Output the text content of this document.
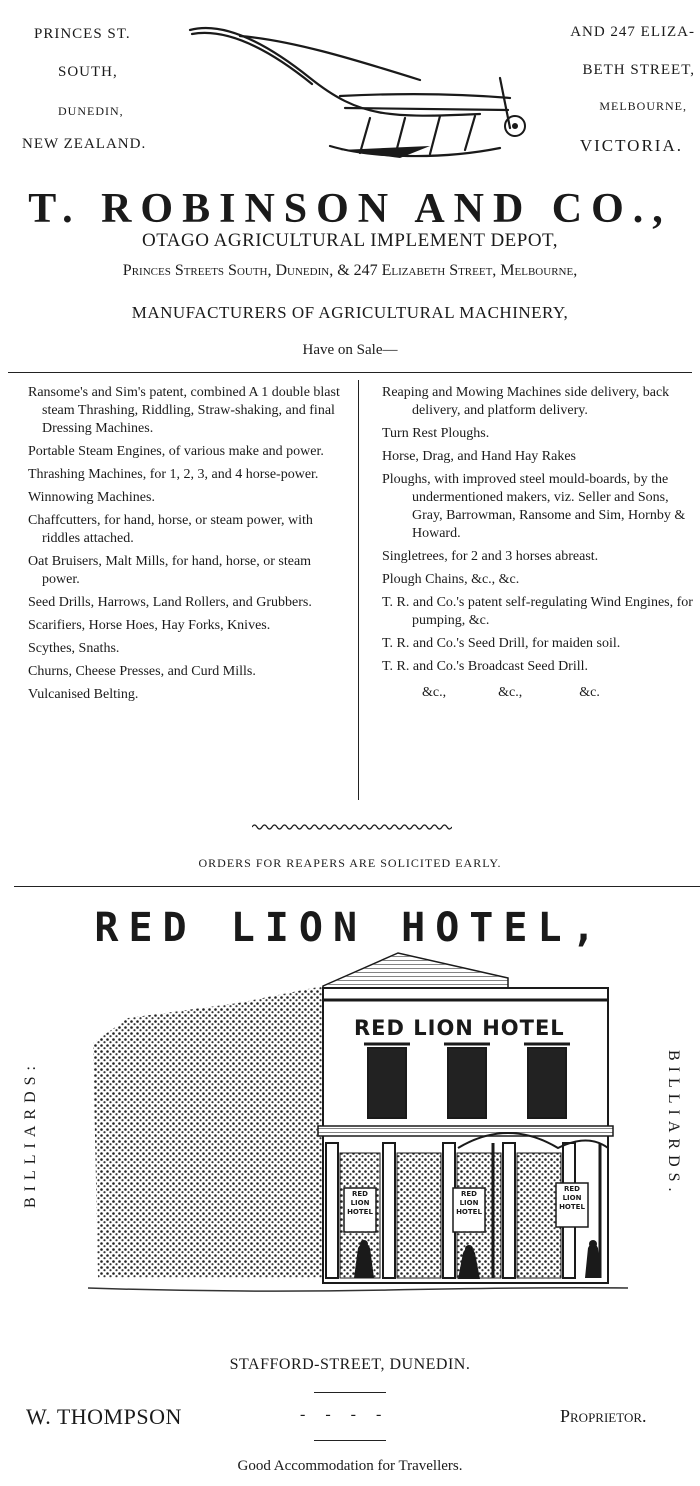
PRINCES ST.
SOUTH,
DUNEDIN,
NEW ZEALAND.
AND 247 ELIZA-
BETH STREET,
MELBOURNE,
VICTORIA.
T. ROBINSON AND CO.,
OTAGO AGRICULTURAL IMPLEMENT DEPOT,
Princes Streets South, Dunedin, & 247 Elizabeth Street, Melbourne,
MANUFACTURERS OF AGRICULTURAL MACHINERY,
Have on Sale—
Ransome's and Sim's patent, combined A 1 double blast steam Thrashing, Riddling, Straw-shaking, and final Dressing Machines.
Portable Steam Engines, of various make and power.
Thrashing Machines, for 1, 2, 3, and 4 horse-power.
Winnowing Machines.
Chaffcutters, for hand, horse, or steam power, with riddles attached.
Oat Bruisers, Malt Mills, for hand, horse, or steam power.
Seed Drills, Harrows, Land Rollers, and Grubbers.
Scarifiers, Horse Hoes, Hay Forks, Knives.
Scythes, Snaths.
Churns, Cheese Presses, and Curd Mills.
Vulcanised Belting.
Reaping and Mowing Machines side delivery, back delivery, and platform delivery.
Turn Rest Ploughs.
Horse, Drag, and Hand Hay Rakes
Ploughs, with improved steel mould-boards, by the undermentioned makers, viz. Seller and Sons, Gray, Barrowman, Ransome and Sim, Hornby & Howard.
Singletrees, for 2 and 3 horses abreast.
Plough Chains, &c., &c.
T. R. and Co.'s patent self-regulating Wind Engines, for pumping, &c.
T. R. and Co.'s Seed Drill, for maiden soil.
T. R. and Co.'s Broadcast Seed Drill.
&c.,	&c.,	&c.
ORDERS FOR REAPERS ARE SOLICITED EARLY.
RED LION HOTEL,
BILLIARDS:	BILLIARDS.
RED LION HOTEL
RED
LION
HOTEL
RED
LION
HOTEL
RED
LION
HOTEL
STAFFORD-STREET, DUNEDIN.
W. THOMPSON	-     -     -     -	Proprietor.
Good Accommodation for Travellers.
